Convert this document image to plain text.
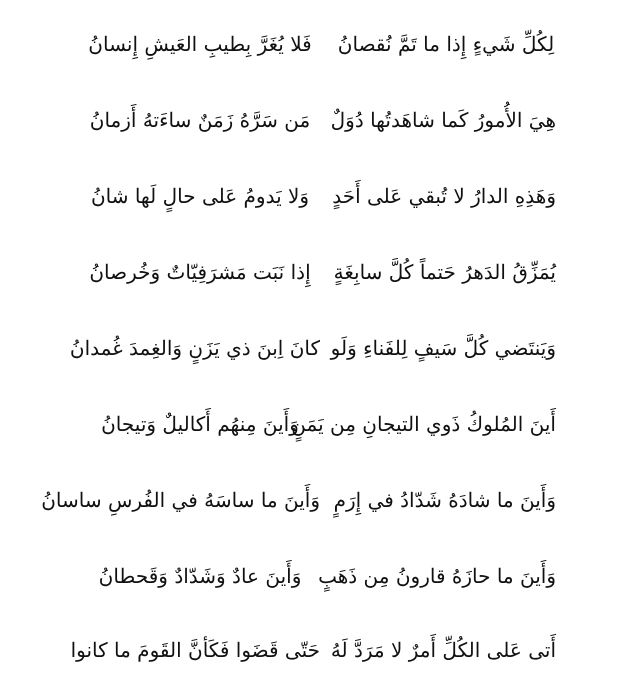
لِكُلِّ شَيءٍ إِذا ما تَمَّ نُقصانُ
فَلا يُغَرَّ بِطيبِ العَيشِ إِنسانُ
هِيَ الأُمورُ كَما شاهَدتُها دُوَلٌ
مَن سَرَّهُ زَمَنٌ ساءَتهُ أَزمانُ
وَهَذِهِ الدارُ لا تُبقي عَلى أَحَدٍ
وَلا يَدومُ عَلى حالٍ لَها شانُ
يُمَزِّقُ الدَهرُ حَتماً كُلَّ سابِغَةٍ
إِذا نَبَت مَشرَفِيّاتٌ وَخُرصانُ
وَيَنتَضي كُلَّ سَيفٍ لِلفَناءِ وَلَو
كانَ اِبنَ ذي يَزَنٍ وَالغِمدَ غُمدانُ
أَينَ المُلوكُ ذَوي التيجانِ مِن يَمَنٍ
وَأَينَ مِنهُم أَكاليلٌ وَتيجانُ
وَأَينَ ما شادَهُ شَدّادُ في إِرَمٍ
وَأَينَ ما ساسَهُ في الفُرسِ ساسانُ
وَأَينَ ما حازَهُ قارونُ مِن ذَهَبٍ
وَأَينَ عادٌ وَشَدّادٌ وَقَحطانُ
أَتى عَلى الكُلِّ أَمرٌ لا مَرَدَّ لَهُ
حَتّى قَضَوا فَكَأنَّ القَومَ ما كانوا
